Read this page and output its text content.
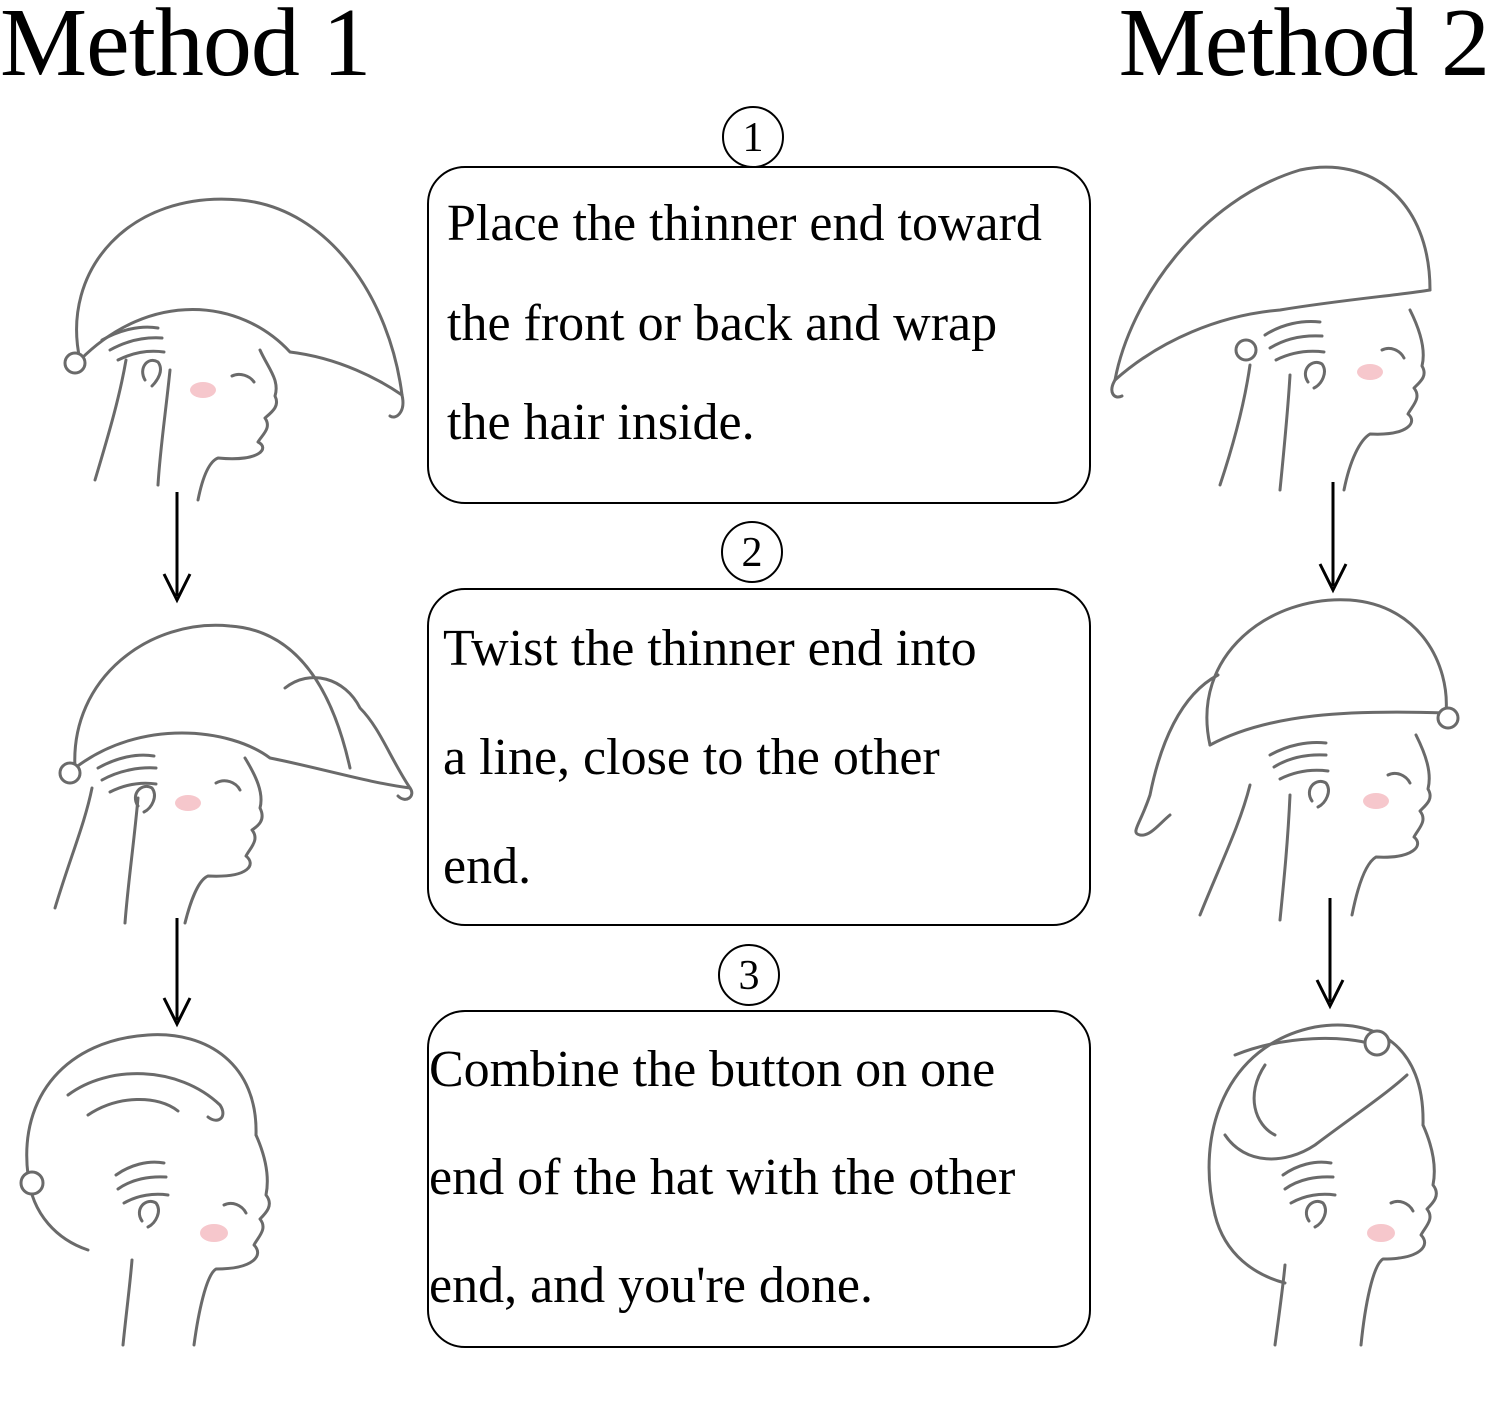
Method 1	Method 2
1
2
3
Place the thinner end toward
the front or back and wrap
the hair inside.
Twist the thinner end into
a line, close to the other
end.
Combine the button on one
end of the hat with the other
end, and you're done.
